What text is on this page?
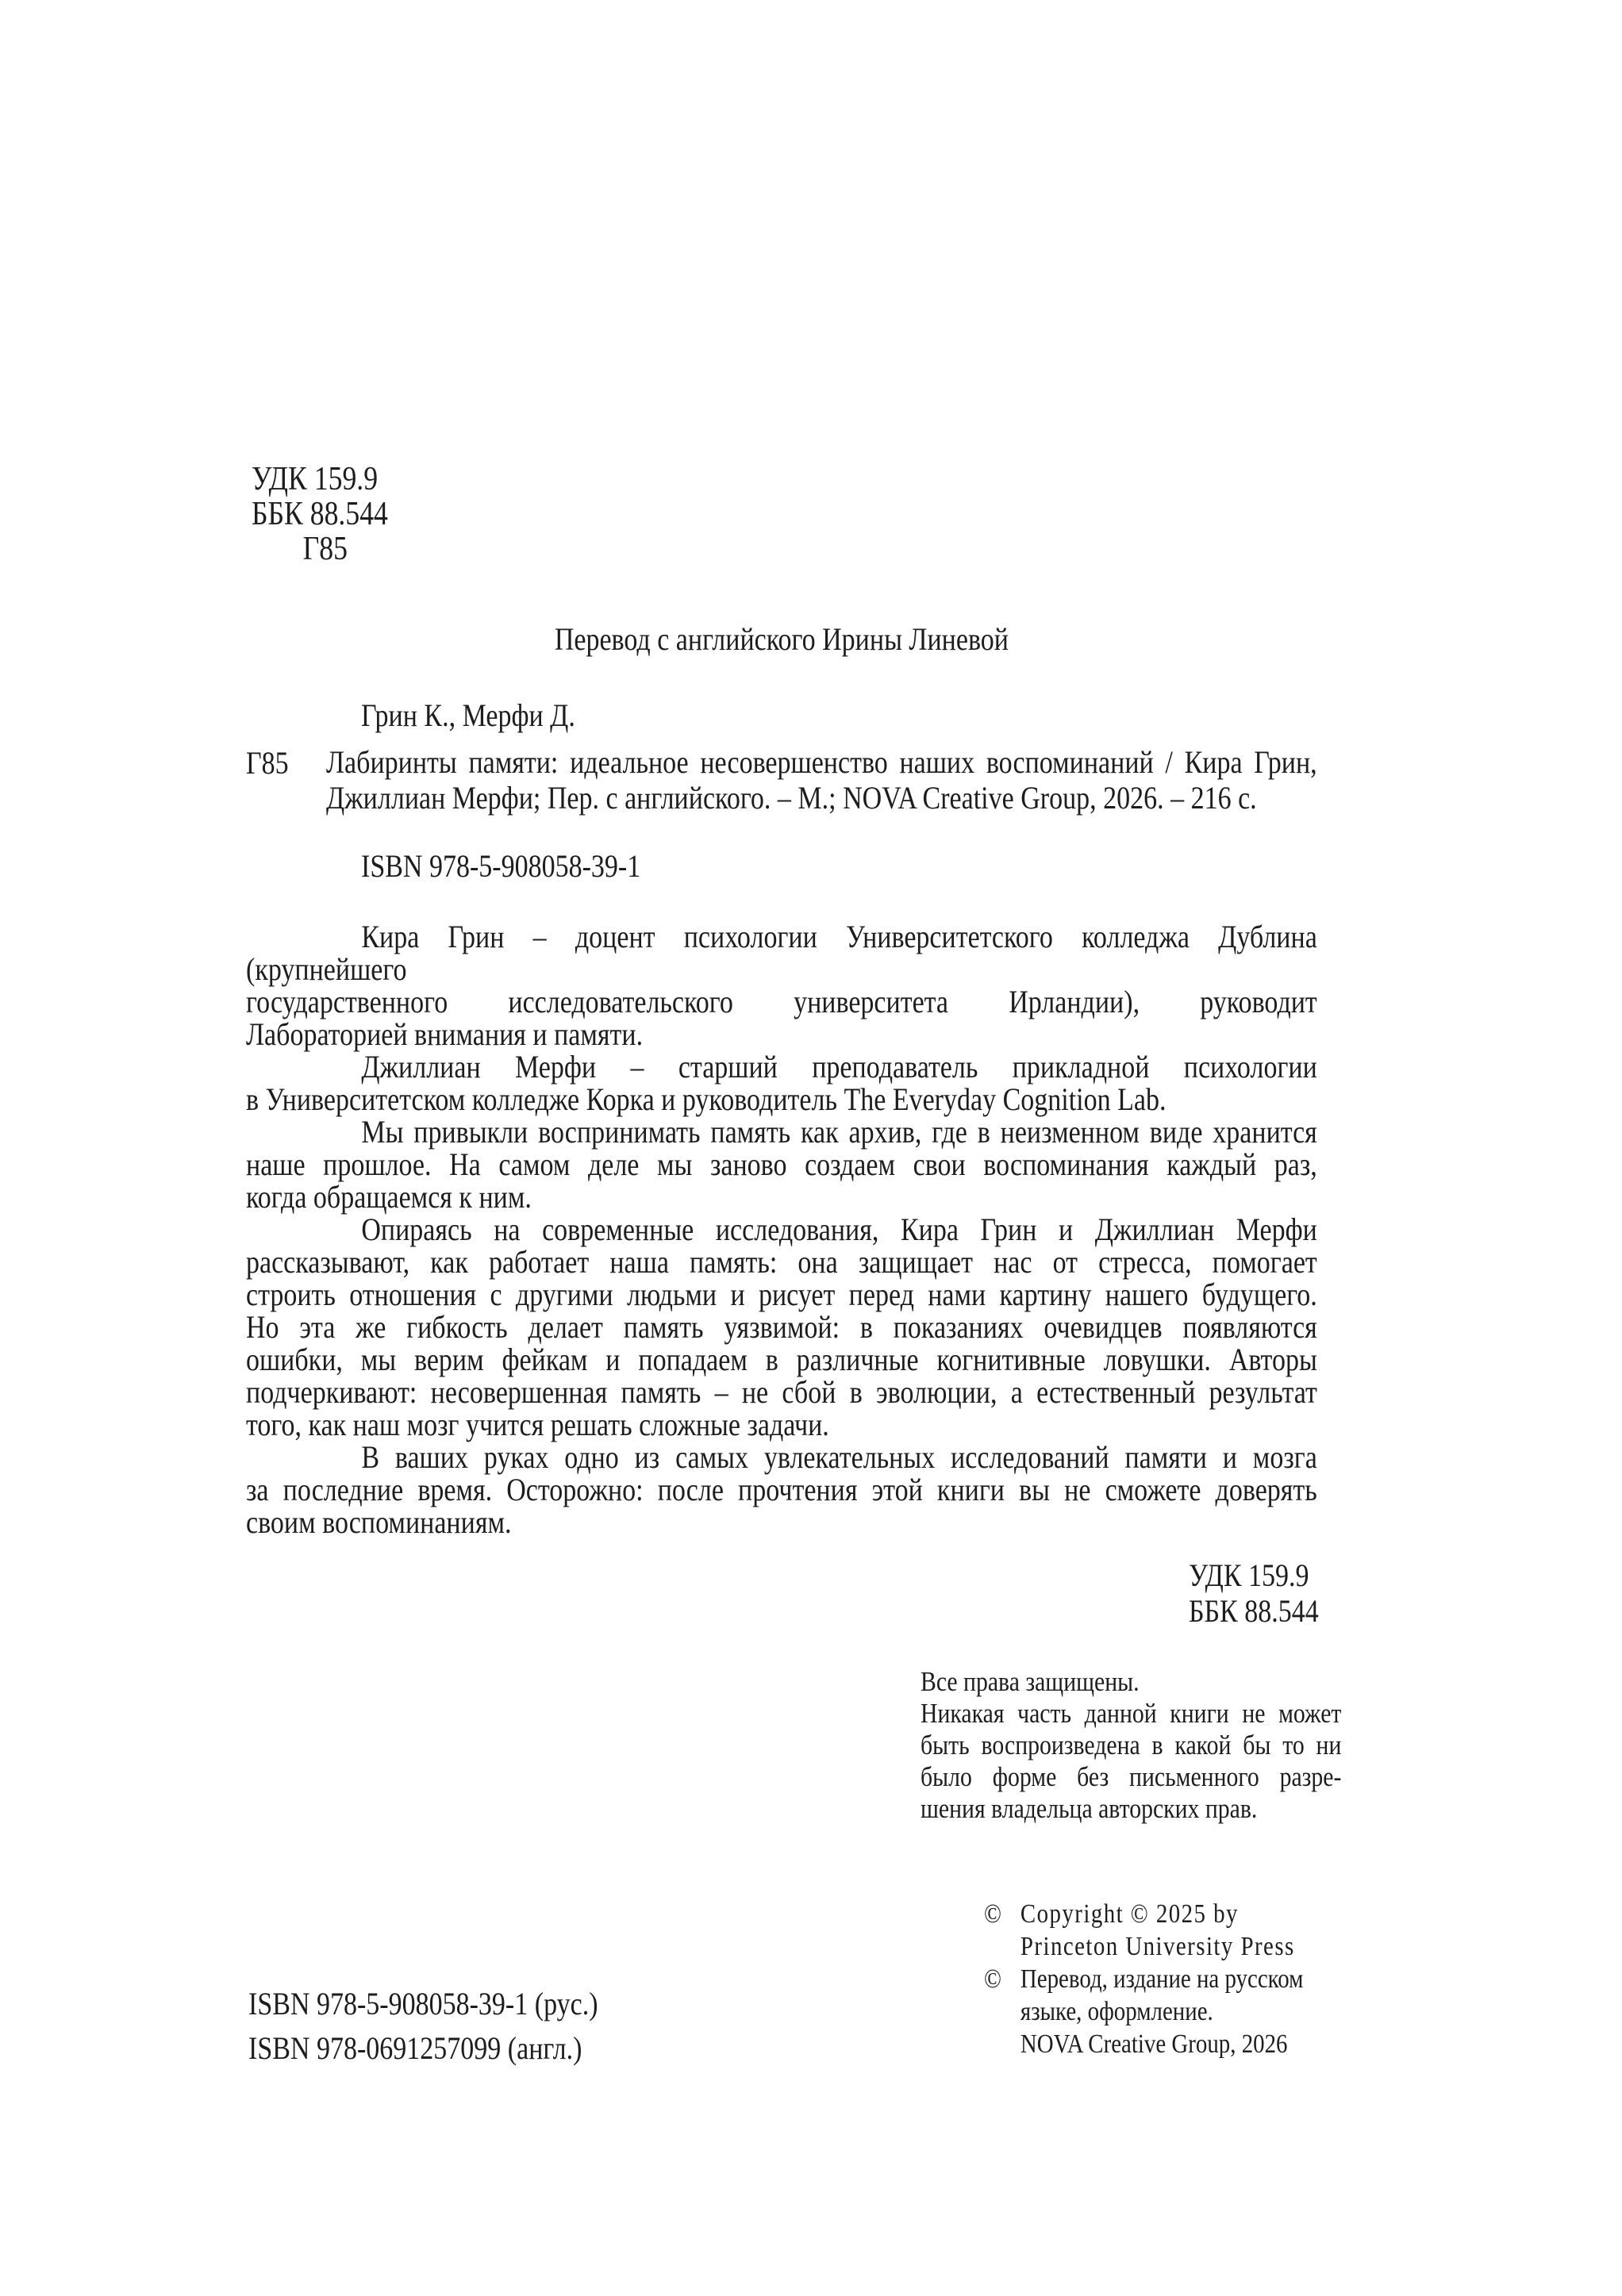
УДК 159.9
ББК 88.544
Г85
Перевод с английского Ирины Линевой
Грин К., Мерфи Д.
Г85 Лабиринты памяти: идеальное несовершенство наших воспоминаний / Кира Грин,
Джиллиан Мерфи; Пер. с английского. – М.; NOVA Creative Group, 2026. – 216 с.
ISBN 978-5-908058-39-1
Кира Грин – доцент психологии Университетского колледжа Дублина (крупнейшего
государственного исследовательского университета Ирландии), руководит
Лабораторией внимания и памяти.
Джиллиан Мерфи – старший преподаватель прикладной психологии
в Университетском колледже Корка и руководитель The Everyday Cognition Lab.
Мы привыкли воспринимать память как архив, где в неизменном виде хранится
наше прошлое. На самом деле мы заново создаем свои воспоминания каждый раз,
когда обращаемся к ним.
Опираясь на современные исследования, Кира Грин и Джиллиан Мерфи
рассказывают, как работает наша память: она защищает нас от стресса, помогает
строить отношения с другими людьми и рисует перед нами картину нашего будущего.
Но эта же гибкость делает память уязвимой: в показаниях очевидцев появляются
ошибки, мы верим фейкам и попадаем в различные когнитивные ловушки. Авторы
подчеркивают: несовершенная память – не сбой в эволюции, а естественный результат
того, как наш мозг учится решать сложные задачи.
В ваших руках одно из самых увлекательных исследований памяти и мозга
за последние время. Осторожно: после прочтения этой книги вы не сможете доверять
своим воспоминаниям.
УДК 159.9
ББК 88.544
Все права защищены.
Никакая часть данной книги не может
быть воспроизведена в какой бы то ни
было форме без письменного разре-
шения владельца авторских прав.
© Copyright © 2025 by
Princeton University Press
© Перевод, издание на русском
языке, оформление.
NOVA Creative Group, 2026
ISBN 978-5-908058-39-1 (рус.)
ISBN 978-0691257099 (англ.)
